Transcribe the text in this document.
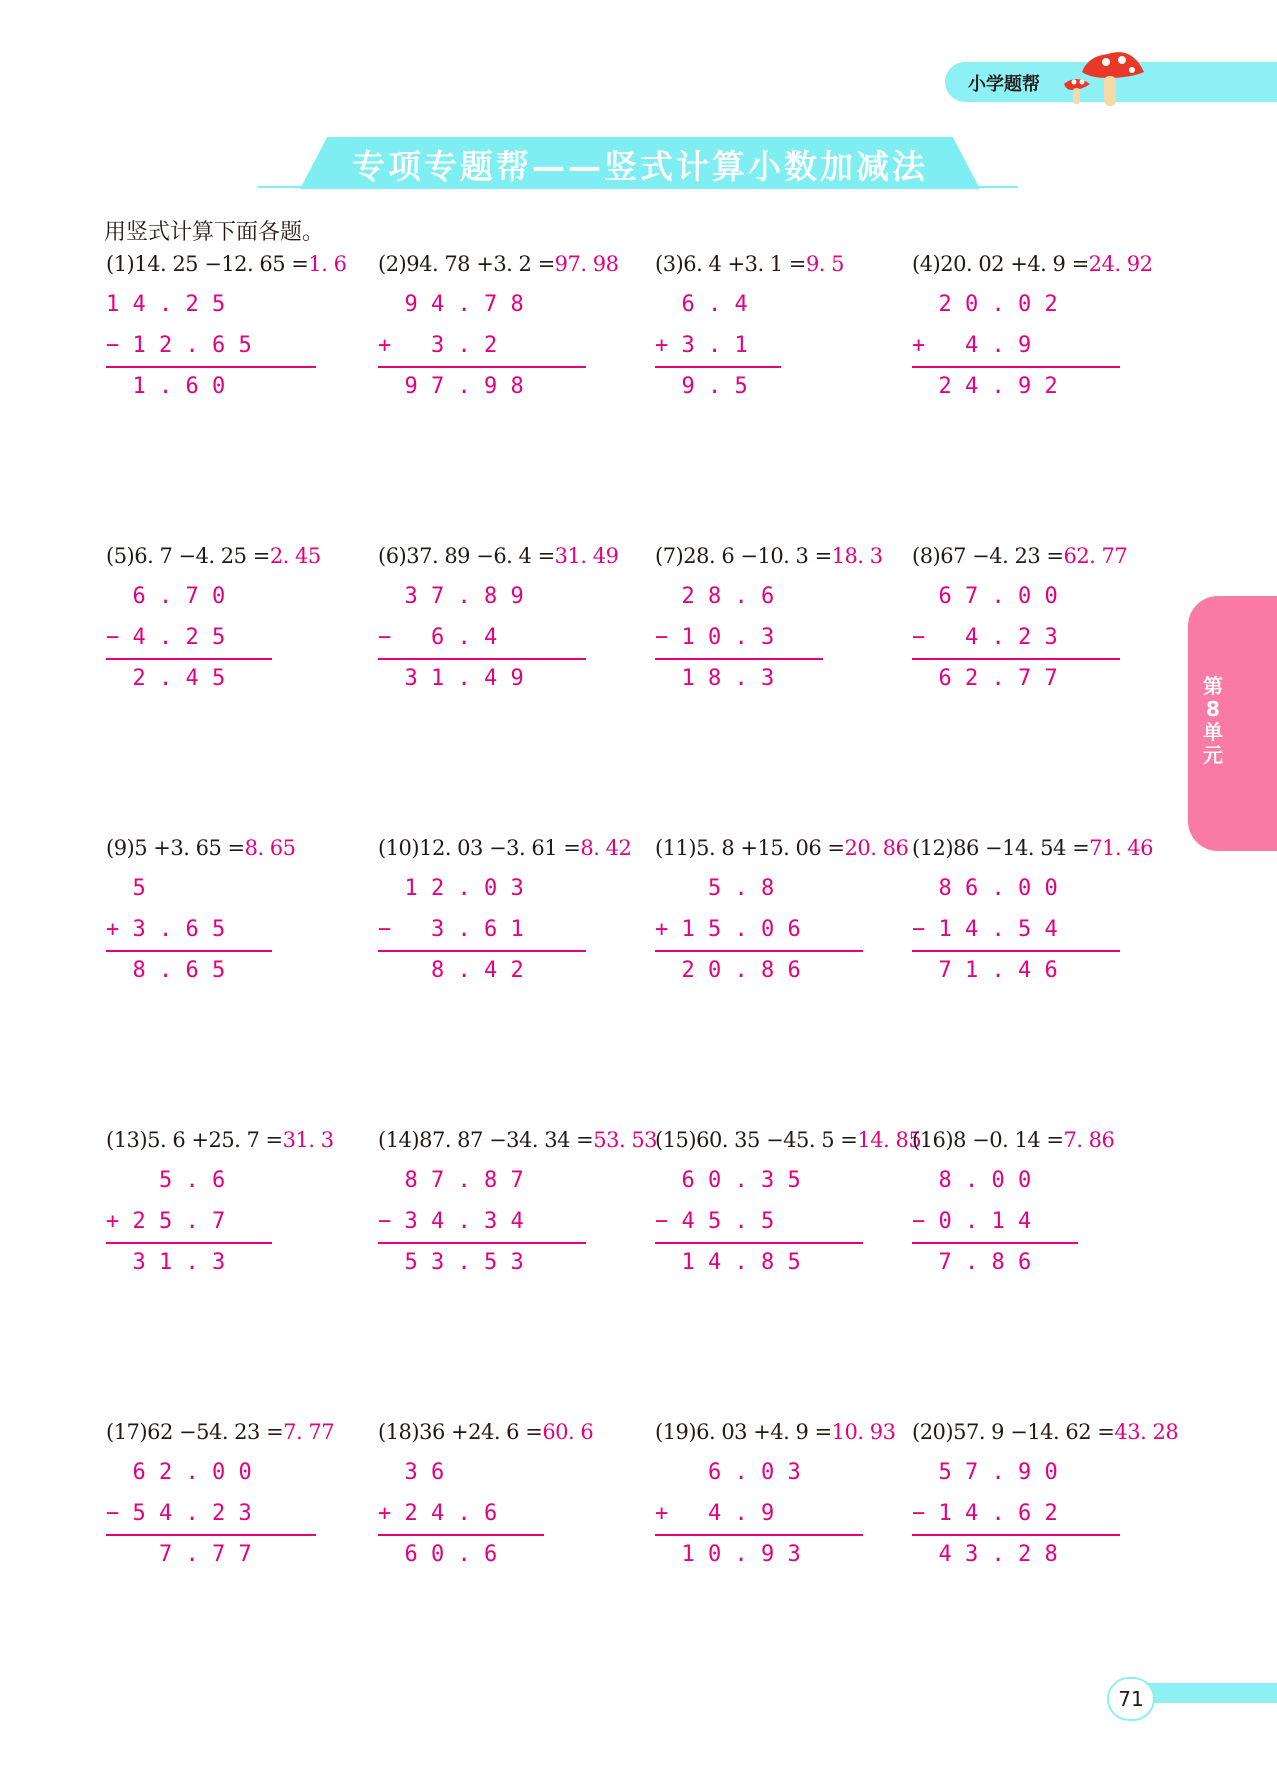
小学题帮
专项专题帮——竖式计算小数加减法
用竖式计算下面各题。
(1)14. 25 −12. 65 =1. 6
1 4 . 2 5
− 1 2 . 6 5
1 . 6 0
(2)94. 78 +3. 2 =97. 98
9 4 . 7 8
+   3 . 2
9 7 . 9 8
(3)6. 4 +3. 1 =9. 5
6 . 4
+ 3 . 1
9 . 5
(4)20. 02 +4. 9 =24. 92
2 0 . 0 2
+   4 . 9
2 4 . 9 2
(5)6. 7 −4. 25 =2. 45
6 . 7 0
− 4 . 2 5
2 . 4 5
(6)37. 89 −6. 4 =31. 49
3 7 . 8 9
−   6 . 4
3 1 . 4 9
(7)28. 6 −10. 3 =18. 3
2 8 . 6
− 1 0 . 3
1 8 . 3
(8)67 −4. 23 =62. 77
6 7 . 0 0
−   4 . 2 3
6 2 . 7 7
(9)5 +3. 65 =8. 65
5
+ 3 . 6 5
8 . 6 5
(10)12. 03 −3. 61 =8. 42
1 2 . 0 3
−   3 . 6 1
8 . 4 2
(11)5. 8 +15. 06 =20. 86
5 . 8
+ 1 5 . 0 6
2 0 . 8 6
(12)86 −14. 54 =71. 46
8 6 . 0 0
− 1 4 . 5 4
7 1 . 4 6
(13)5. 6 +25. 7 =31. 3
5 . 6
+ 2 5 . 7
3 1 . 3
(14)87. 87 −34. 34 =53. 53
8 7 . 8 7
− 3 4 . 3 4
5 3 . 5 3
(15)60. 35 −45. 5 =14. 85
6 0 . 3 5
− 4 5 . 5
1 4 . 8 5
(16)8 −0. 14 =7. 86
8 . 0 0
− 0 . 1 4
7 . 8 6
(17)62 −54. 23 =7. 77
6 2 . 0 0
− 5 4 . 2 3
7 . 7 7
(18)36 +24. 6 =60. 6
3 6
+ 2 4 . 6
6 0 . 6
(19)6. 03 +4. 9 =10. 93
6 . 0 3
+   4 . 9
1 0 . 9 3
(20)57. 9 −14. 62 =43. 28
5 7 . 9 0
− 1 4 . 6 2
4 3 . 2 8
第8单元
71
